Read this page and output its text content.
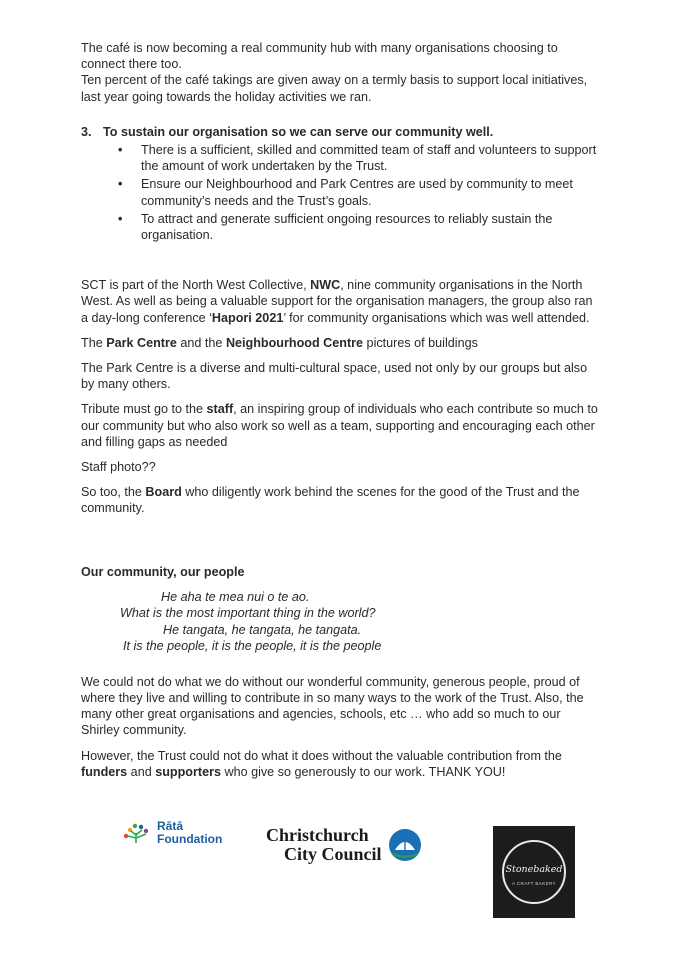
The café is now becoming a real community hub with many organisations choosing to connect there too.

Ten percent of the café takings are given away on a termly basis to support local initiatives, last year going towards the holiday activities we ran.

3. To sustain our organisation so we can serve our community well.
• There is a sufficient, skilled and committed team of staff and volunteers to support the amount of work undertaken by the Trust.
• Ensure our Neighbourhood and Park Centres are used by community to meet community’s needs and the Trust’s goals.
• To attract and generate sufficient ongoing resources to reliably sustain the organisation.

SCT is part of the North West Collective, NWC, nine community organisations in the North West. As well as being a valuable support for the organisation managers, the group also ran a day-long conference ‘Hapori 2021’ for community organisations which was well attended.

The Park Centre and the Neighbourhood Centre pictures of buildings

The Park Centre is a diverse and multi-cultural space, used not only by our groups but also by many others.

Tribute must go to the staff, an inspiring group of individuals who each contribute so much to our community but who also work so well as a team, supporting and encouraging each other and filling gaps as needed

Staff photo??

So too, the Board who diligently work behind the scenes for the good of the Trust and the community.

Our community, our people

He aha te mea nui o te ao.
What is the most important thing in the world?
He tangata, he tangata, he tangata.
It is the people, it is the people, it is the people

We could not do what we do without our wonderful community, generous people, proud of where they live and willing to contribute in so many ways to the work of the Trust. Also, the many other great organisations and agencies, schools, etc … who add so much to our Shirley community.

However, the Trust could not do what it does without the valuable contribution from the funders and supporters who give so generously to our work. THANK YOU!

Rātā
Foundation Christchurch
City Council
Stonebaked
A CRAFT BAKERY
